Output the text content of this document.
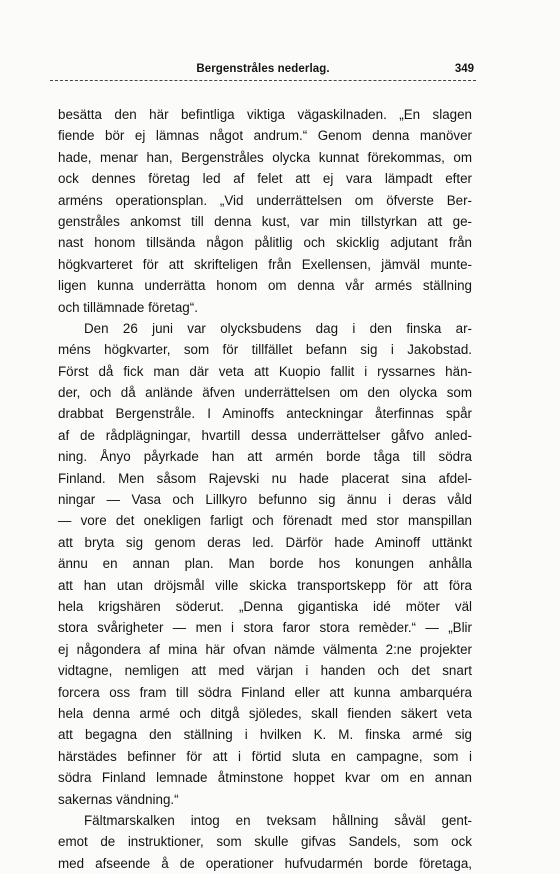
Bergenstråles nederlag.	349
besätta den här befintliga viktiga vägaskilnaden. „En slagen
fiende bör ej lämnas något andrum.“ Genom denna manöver
hade, menar han, Bergenstråles olycka kunnat förekommas, om
ock dennes företag led af felet att ej vara lämpadt efter
arméns operationsplan. „Vid underrättelsen om öfverste Ber-
genstråles ankomst till denna kust, var min tillstyrkan att ge-
nast honom tillsända någon pålitlig och skicklig adjutant från
högkvarteret för att skrifteligen från Exellensen, jämväl munte-
ligen kunna underrätta honom om denna vår armés ställning
och tillämnade företag“.
Den 26 juni var olycksbudens dag i den finska ar-
méns högkvarter, som för tillfället befann sig i Jakobstad.
Först då fick man där veta att Kuopio fallit i ryssarnes hän-
der, och då anlände äfven underrättelsen om den olycka som
drabbat Bergenstråle. I Aminoffs anteckningar återfinnas spår
af de rådplägningar, hvartill dessa underrättelser gåfvo anled-
ning. Ånyo påyrkade han att armén borde tåga till södra
Finland. Men såsom Rajevski nu hade placerat sina afdel-
ningar — Vasa och Lillkyro befunno sig ännu i deras våld
— vore det onekligen farligt och förenadt med stor manspillan
att bryta sig genom deras led. Därför hade Aminoff uttänkt
ännu en annan plan. Man borde hos konungen anhålla
att han utan dröjsmål ville skicka transportskepp för att föra
hela krigshären söderut. „Denna gigantiska idé möter väl
stora svårigheter — men i stora faror stora remèder.“ — „Blir
ej någondera af mina här ofvan nämde välmenta 2:ne projekter
vidtagne, nemligen att med värjan i handen och det snart
forcera oss fram till södra Finland eller att kunna ambarquéra
hela denna armé och ditgå sjöledes, skall fienden säkert veta
att begagna den ställning i hvilken K. M. finska armé sig
härstädes befinner för att i förtid sluta en campagne, som i
södra Finland lemnade åtminstone hoppet kvar om en annan
sakernas vändning.“
Fältmarskalken intog en tveksam hållning såväl gent-
emot de instruktioner, som skulle gifvas Sandels, som ock
med afseende å de operationer hufvudarmén borde företaga,
